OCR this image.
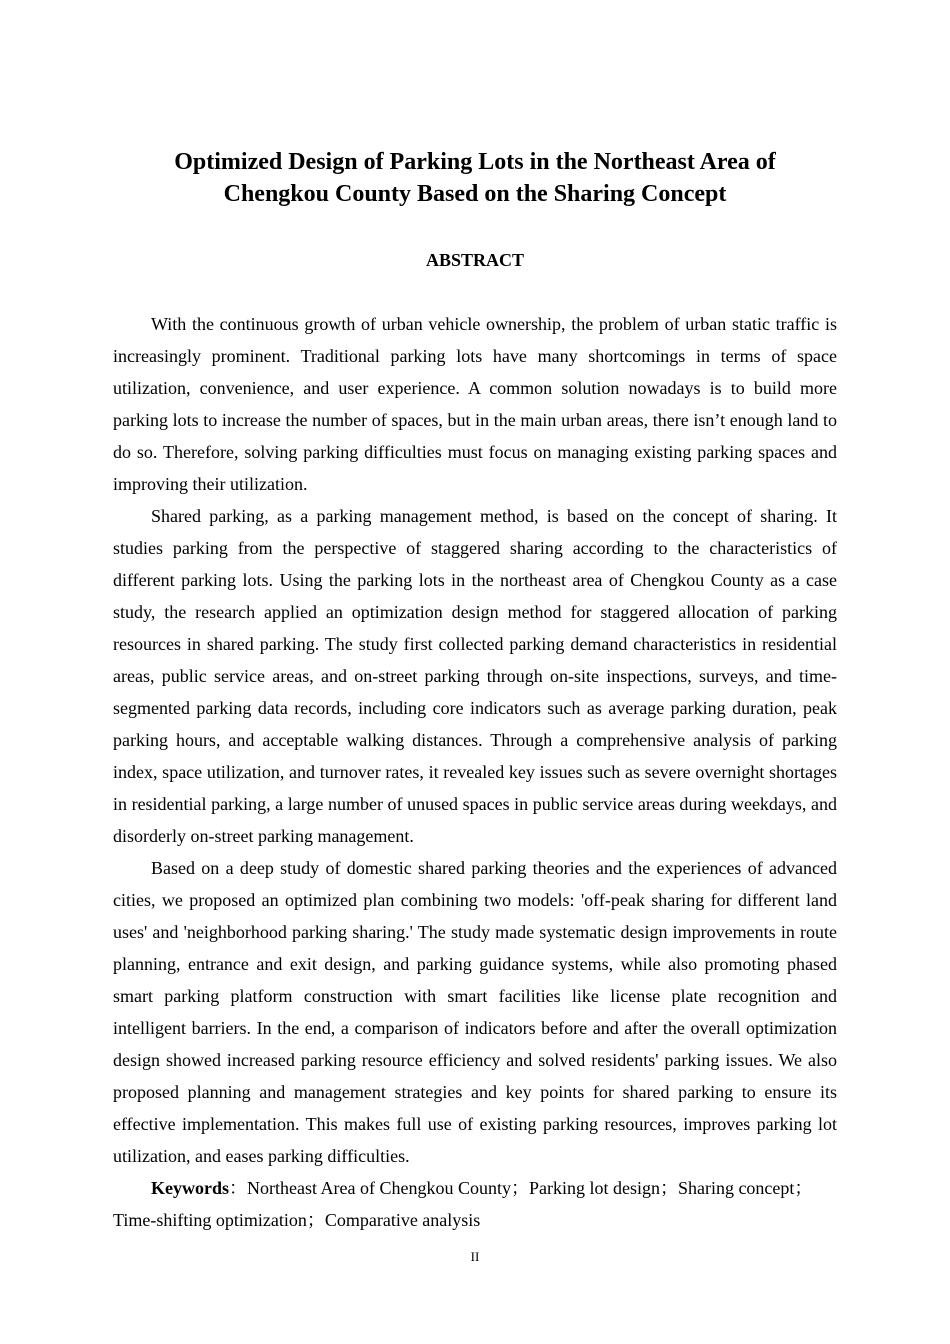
Optimized Design of Parking Lots in the Northeast Area of
Chengkou County Based on the Sharing Concept
ABSTRACT

With the continuous growth of urban vehicle ownership, the problem of urban static traffic is increasingly prominent. Traditional parking lots have many shortcomings in terms of space utilization, convenience, and user experience. A common solution nowadays is to build more parking lots to increase the number of spaces, but in the main urban areas, there isn’t enough land to do so. Therefore, solving parking difficulties must focus on managing existing parking spaces and improving their utilization.

Shared parking, as a parking management method, is based on the concept of sharing. It studies parking from the perspective of staggered sharing according to the characteristics of different parking lots. Using the parking lots in the northeast area of Chengkou County as a case study, the research applied an optimization design method for staggered allocation of parking resources in shared parking. The study first collected parking demand characteristics in residential areas, public service areas, and on-street parking through on-site inspections, surveys, and time-segmented parking data records, including core indicators such as average parking duration, peak parking hours, and acceptable walking distances. Through a comprehensive analysis of parking index, space utilization, and turnover rates, it revealed key issues such as severe overnight shortages in residential parking, a large number of unused spaces in public service areas during weekdays, and disorderly on-street parking management.

Based on a deep study of domestic shared parking theories and the experiences of advanced cities, we proposed an optimized plan combining two models: 'off-peak sharing for different land uses' and 'neighborhood parking sharing.' The study made systematic design improvements in route planning, entrance and exit design, and parking guidance systems, while also promoting phased smart parking platform construction with smart facilities like license plate recognition and intelligent barriers. In the end, a comparison of indicators before and after the overall optimization design showed increased parking resource efficiency and solved residents' parking issues. We also proposed planning and management strategies and key points for shared parking to ensure its effective implementation. This makes full use of existing parking resources, improves parking lot utilization, and eases parking difficulties.

Keywords：Northeast Area of Chengkou County；Parking lot design；Sharing concept；Time-shifting optimization；Comparative analysis

II
